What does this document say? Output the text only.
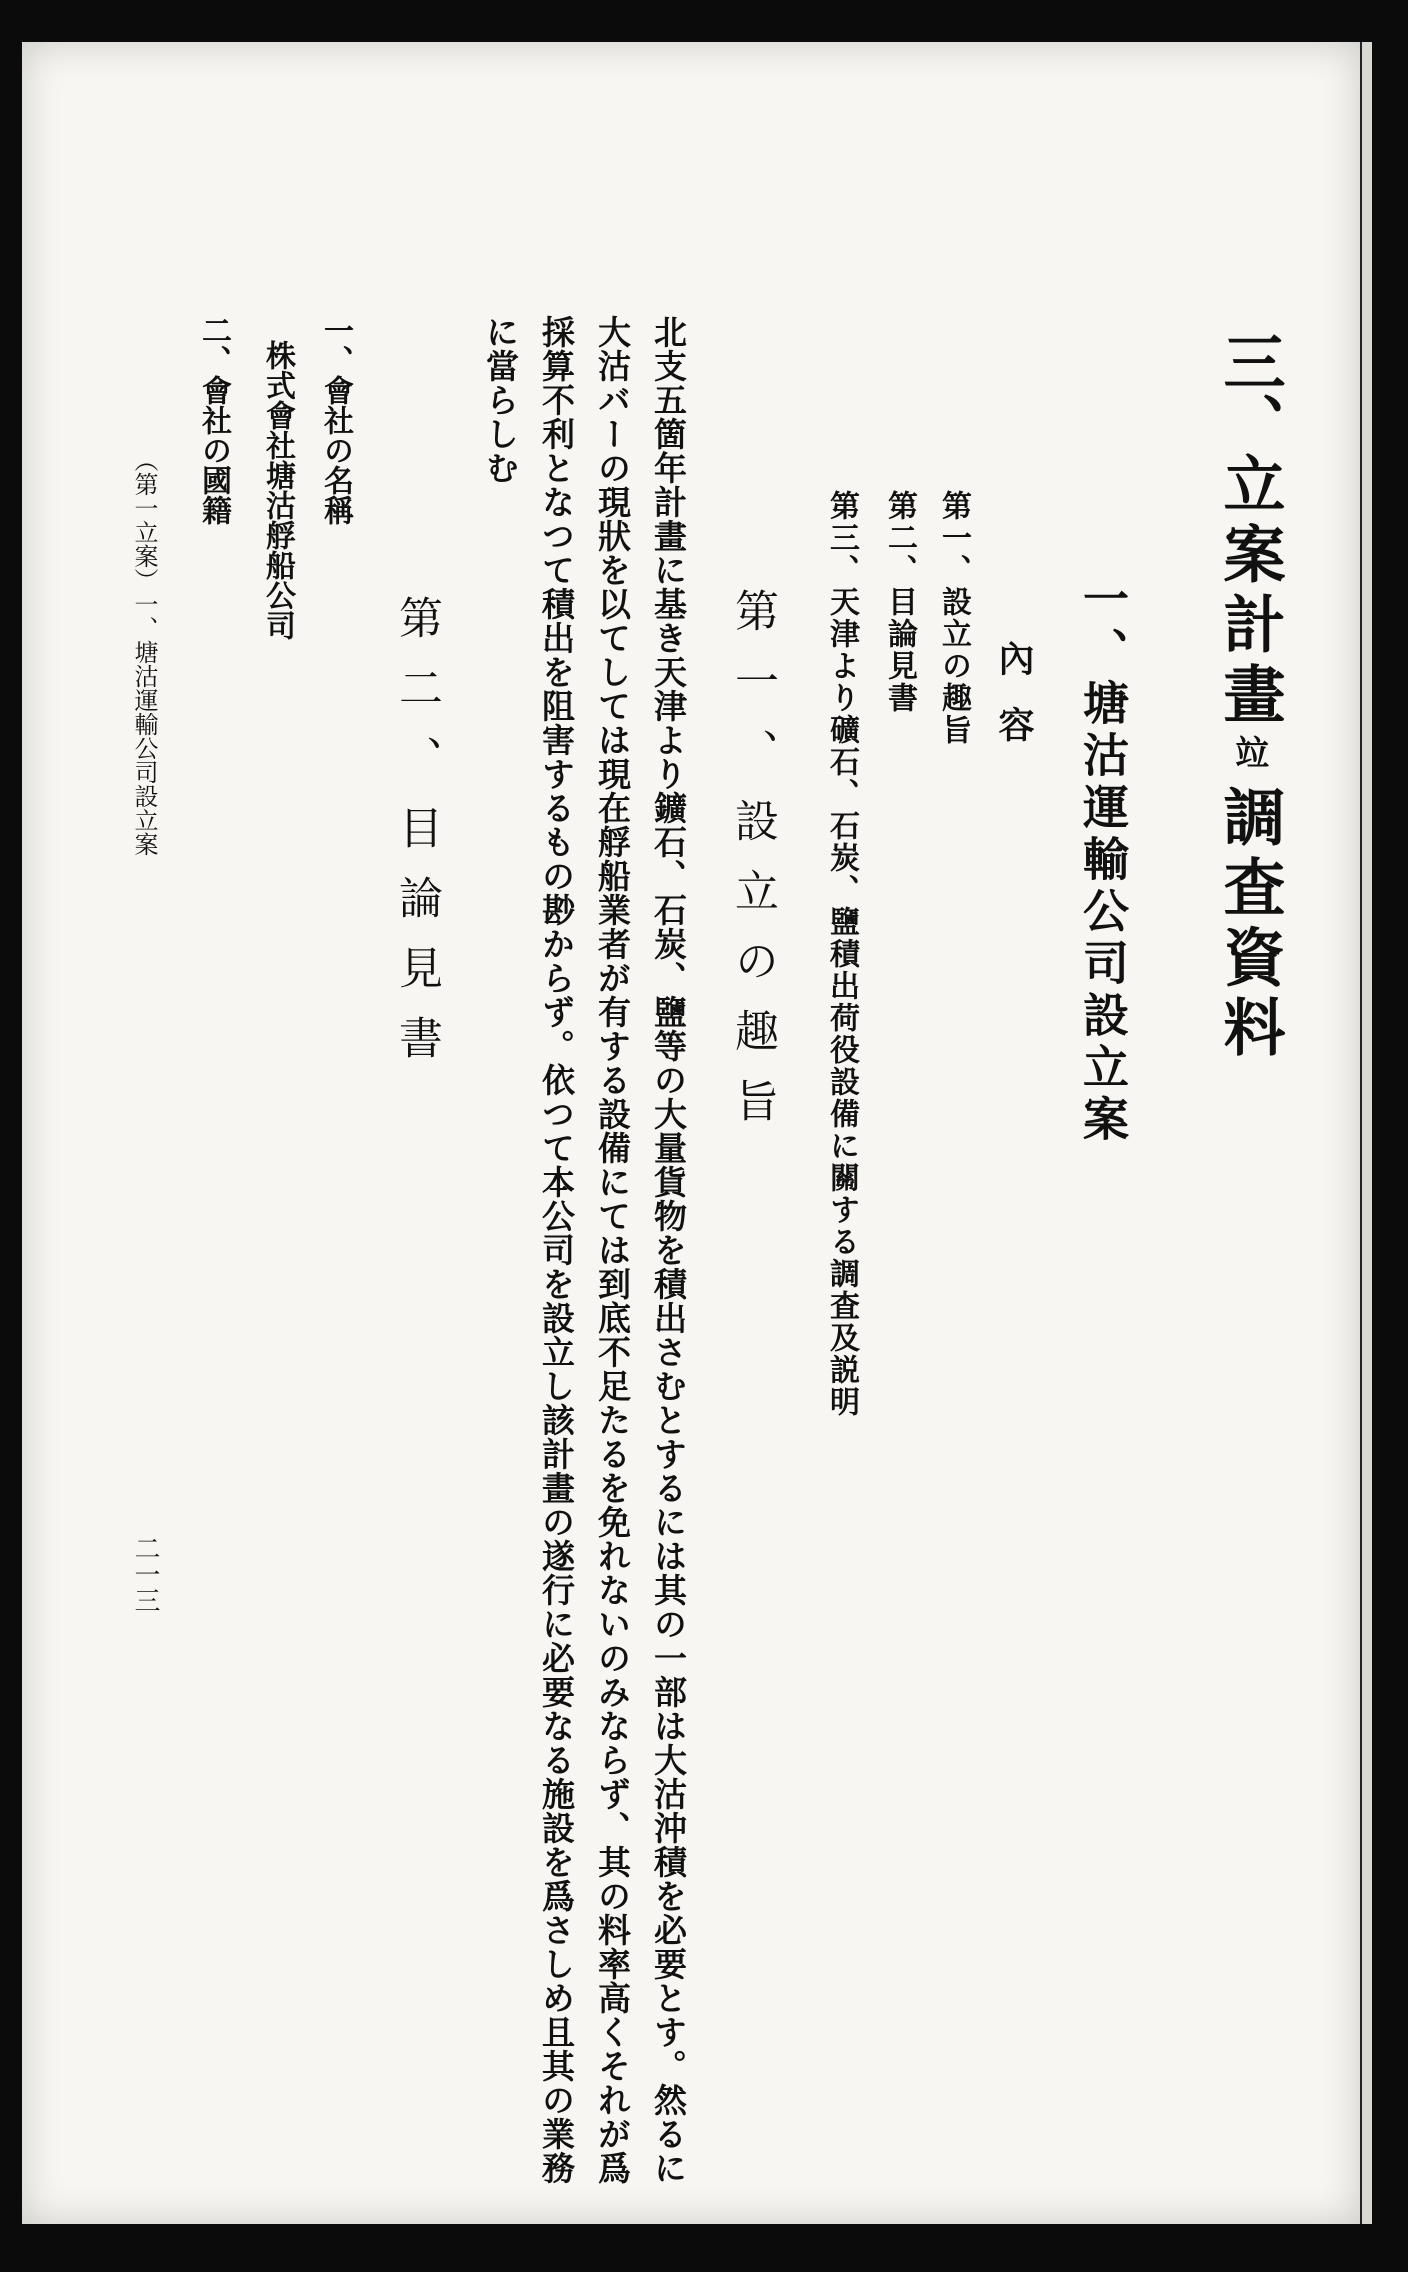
三、
立案計畫
竝
調査資料
一、塘沽運輸公司設立案
內容
第一、設立の趣旨
第二、目論見書
第三、天津より礦石、石炭、鹽積出荷役設備に關する調査及説明
第一、設立の趣旨
北支五箇年計畫に基き天津より鑛石、石炭、鹽等の大量貨物を積出さむとするには其の一部は大沽沖積を必要とす。然るに
大沽バーの現狀を以てしては現在艀船業者が有する設備にては到底不足たるを免れないのみならず、其の料率高くそれが爲
採算不利となつて積出を阻害するもの尠からず。依つて本公司を設立し該計畫の遂行に必要なる施設を爲さしめ且其の業務
に當らしむ
第二、目論見書
一、會社の名稱
株式會社塘沽艀船公司
二、會社の國籍
（第一立案）一、塘沽運輸公司設立案
二一三
